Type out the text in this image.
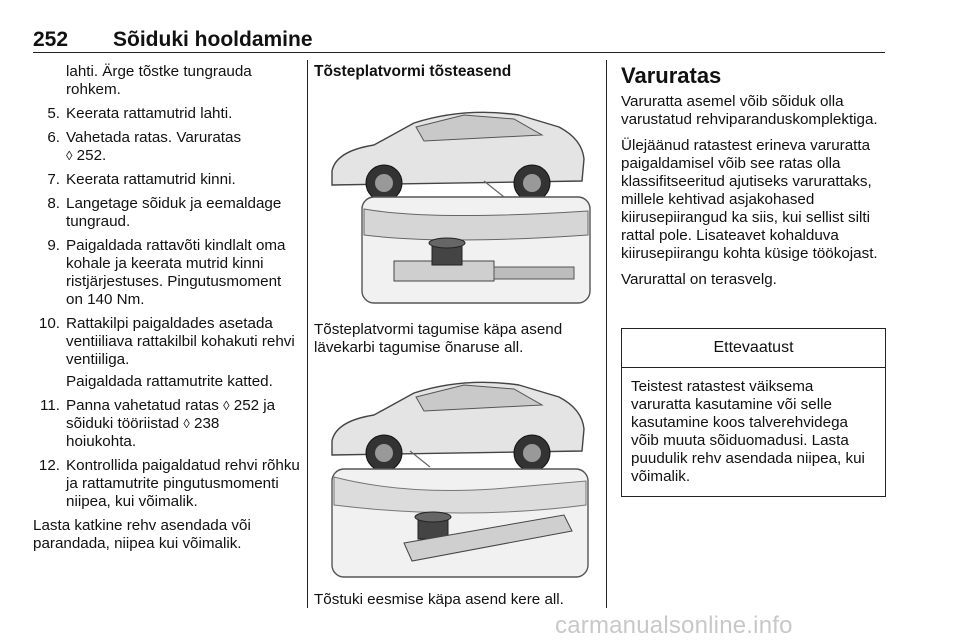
252 Sõiduki hooldamine

lahti. Ärge tõstke tungrauda rohkem.

5. Keerata rattamutrid lahti.
6. Vahetada ratas. Varuratas
◊ 252.
7. Keerata rattamutrid kinni.
8. Langetage sõiduk ja eemaldage tungraud.
9. Paigaldada rattavõti kindlalt oma kohale ja keerata mutrid kinni ristjärjestuses. Pingutusmoment on 140 Nm.
10. Rattakilpi paigaldades asetada ventiiliava rattakilbil kohakuti rehvi ventiiliga.

Paigaldada rattamutrite katted.

11. Panna vahetatud ratas ◊ 252 ja sõiduki tööriistad ◊ 238
hoiukohta.
12. Kontrollida paigaldatud rehvi rõhku ja rattamutrite pingutusmomenti niipea, kui võimalik.

Lasta katkine rehv asendada või parandada, niipea kui võimalik.

Tõsteplatvormi tõsteasend

Tõsteplatvormi tagumise käpa asend lävekarbi tagumise õnaruse all.

Tõstuki eesmise käpa asend kere all.

Varuratas

Varuratta asemel võib sõiduk olla varustatud rehviparanduskomplektiga.

Ülejäänud ratastest erineva varuratta paigaldamisel võib see ratas olla klassifitseeritud ajutiseks varurattaks, millele kehtivad asjakohased kiirusepiirangud ka siis, kui sellist silti rattal pole. Lisateavet kohalduva kiirusepiirangu kohta küsige töökojast.

Varurattal on terasvelg.

Ettevaatust
Teistest ratastest väiksema varuratta kasutamine või selle kasutamine koos talverehvidega võib muuta sõiduomadusi. Lasta puudulik rehv asendada niipea, kui võimalik.
carmanualsonline.info
